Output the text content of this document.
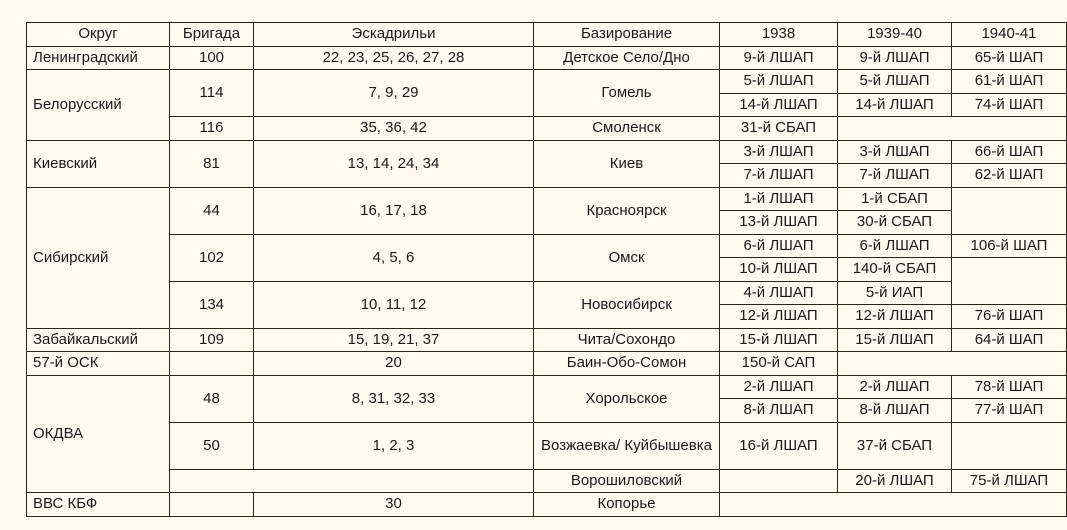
Округ	Бригада	Эскадрильи	Базирование	1938	1939-40	1940-41
Ленинградский	100	22, 23, 25, 26, 27, 28	Детское Село/Дно	9-й ЛШАП	9-й ЛШАП	65-й ШАП
Белорусский	114	7, 9, 29	Гомель	5-й ЛШАП	5-й ЛШАП	61-й ШАП
				14-й ЛШАП	14-й ЛШАП	74-й ШАП
	116	35, 36, 42	Смоленск	31-й СБАП		
Киевский	81	13, 14, 24, 34	Киев	3-й ЛШАП	3-й ЛШАП	66-й ШАП
				7-й ЛШАП	7-й ЛШАП	62-й ШАП
Сибирский	44	16, 17, 18	Красноярск	1-й ЛШАП	1-й СБАП	
				13-й ЛШАП	30-й СБАП	
	102	4, 5, 6	Омск	6-й ЛШАП	6-й ЛШАП	106-й ШАП
				10-й ЛШАП	140-й СБАП	
	134	10, 11, 12	Новосибирск	4-й ЛШАП	5-й ИАП	
				12-й ЛШАП	12-й ЛШАП	76-й ШАП
Забайкальский	109	15, 19, 21, 37	Чита/Сохондо	15-й ЛШАП	15-й ЛШАП	64-й ШАП
57-й ОСК		20	Баин-Обо-Сомон	150-й САП		
ОКДВА	48	8, 31, 32, 33	Хорольское	2-й ЛШАП	2-й ЛШАП	78-й ШАП
				8-й ЛШАП	8-й ЛШАП	77-й ШАП
	50	1, 2, 3	Возжаевка/ Куйбышевка	16-й ЛШАП	37-й СБАП	
			Ворошиловский		20-й ЛШАП	75-й ЛШАП
ВВС КБФ		30	Копорье			
